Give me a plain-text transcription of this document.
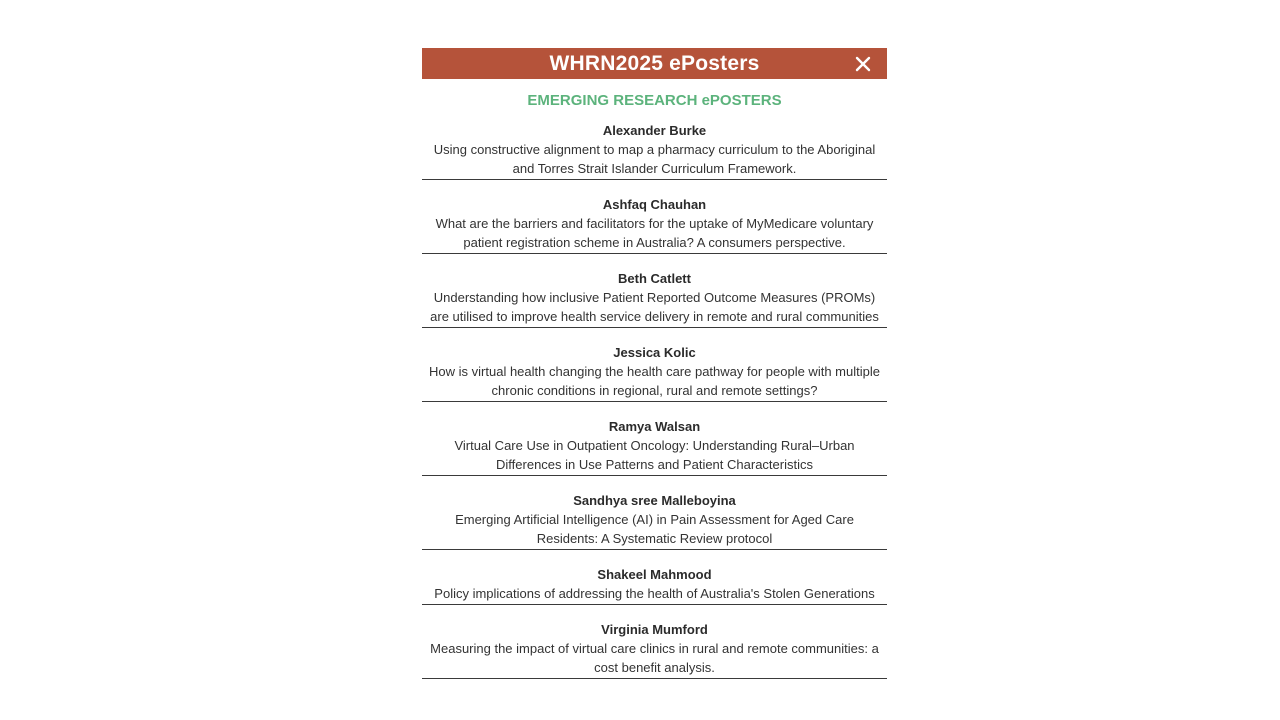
WHRN2025 ePosters
EMERGING RESEARCH ePOSTERS
Alexander Burke
Using constructive alignment to map a pharmacy curriculum to the Aboriginal and Torres Strait Islander Curriculum Framework.
Ashfaq Chauhan
What are the barriers and facilitators for the uptake of MyMedicare voluntary patient registration scheme in Australia? A consumers perspective.
Beth Catlett
Understanding how inclusive Patient Reported Outcome Measures (PROMs) are utilised to improve health service delivery in remote and rural communities
Jessica Kolic
How is virtual health changing the health care pathway for people with multiple chronic conditions in regional, rural and remote settings?
Ramya Walsan
Virtual Care Use in Outpatient Oncology: Understanding Rural–Urban Differences in Use Patterns and Patient Characteristics
Sandhya sree Malleboyina
Emerging Artificial Intelligence (AI) in Pain Assessment for Aged Care Residents: A Systematic Review protocol
Shakeel Mahmood
Policy implications of addressing the health of Australia's Stolen Generations
Virginia Mumford
Measuring the impact of virtual care clinics in rural and remote communities: a cost benefit analysis.
